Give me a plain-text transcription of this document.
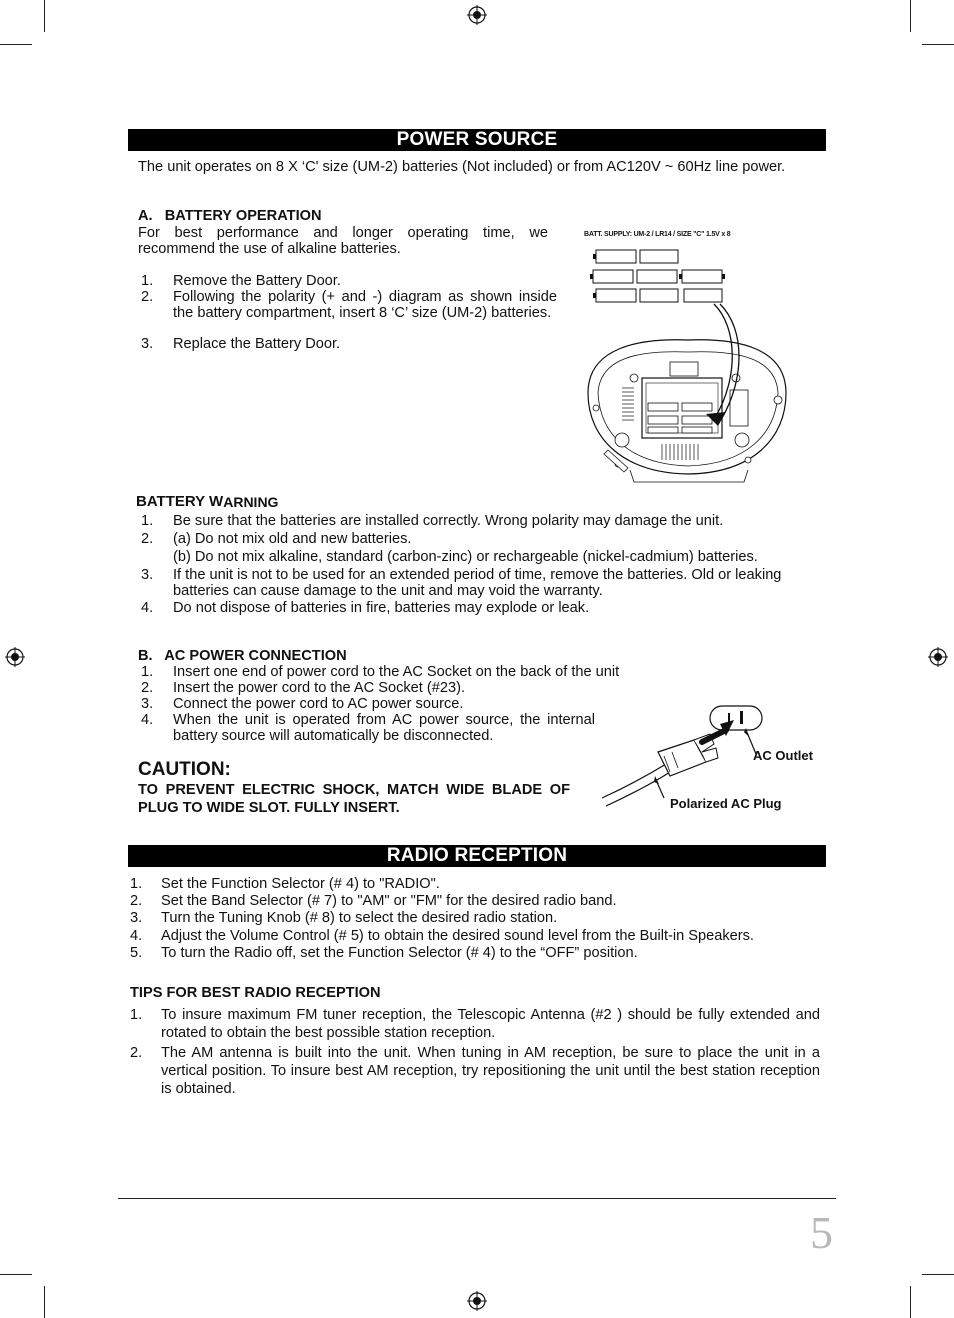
POWER SOURCE
The unit operates on 8 X ‘C' size (UM-2) batteries (Not included) or from AC120V ~ 60Hz line power.
A.   BATTERY OPERATION
For best performance and longer operating time, we recommend the use of alkaline batteries.
1. Remove the Battery Door.
2. Following the polarity (+ and -) diagram as shown inside the battery compartment, insert 8 ‘C’ size (UM-2) batteries.
3. Replace the Battery Door.
BATT. SUPPLY: UM-2 / LR14 / SIZE "C" 1.5V x 8
BATTERY WARNING
1. Be sure that the batteries are installed correctly. Wrong polarity may damage the unit.
2. (a) Do not mix old and new batteries.
(b) Do not mix alkaline, standard (carbon-zinc) or rechargeable (nickel-cadmium) batteries.
3. If the unit is not to be used for an extended period of time, remove the batteries. Old or leaking batteries can cause damage to the unit and may void the warranty.
4. Do not dispose of batteries in fire, batteries may explode or leak.
B.   AC POWER CONNECTION
1. Insert one end of power cord to the AC Socket on the back of the unit
2. Insert the power cord to the AC Socket (#23).
3. Connect the power cord to AC power source.
4. When the unit is operated from AC power source, the internal battery source will automatically be disconnected.
CAUTION:
TO PREVENT ELECTRIC SHOCK, MATCH WIDE BLADE OF PLUG TO WIDE SLOT. FULLY INSERT.
AC Outlet
Polarized AC Plug
RADIO RECEPTION
1. Set the Function Selector (# 4) to "RADIO".
2. Set the Band Selector (# 7) to "AM" or "FM" for the desired radio band.
3. Turn the Tuning Knob (# 8) to select the desired radio station.
4. Adjust the Volume Control (# 5) to obtain the desired sound level from the Built-in Speakers.
5. To turn the Radio off, set the Function Selector (# 4) to the “OFF” position.
TIPS FOR BEST RADIO RECEPTION
1. To insure maximum FM tuner reception, the Telescopic Antenna (#2 ) should be fully extended and rotated to obtain the best possible station reception.
2. The AM antenna is built into the unit. When tuning in AM reception, be sure to place the unit in a vertical position. To insure best AM reception, try repositioning the unit until the best station reception is obtained.
5
